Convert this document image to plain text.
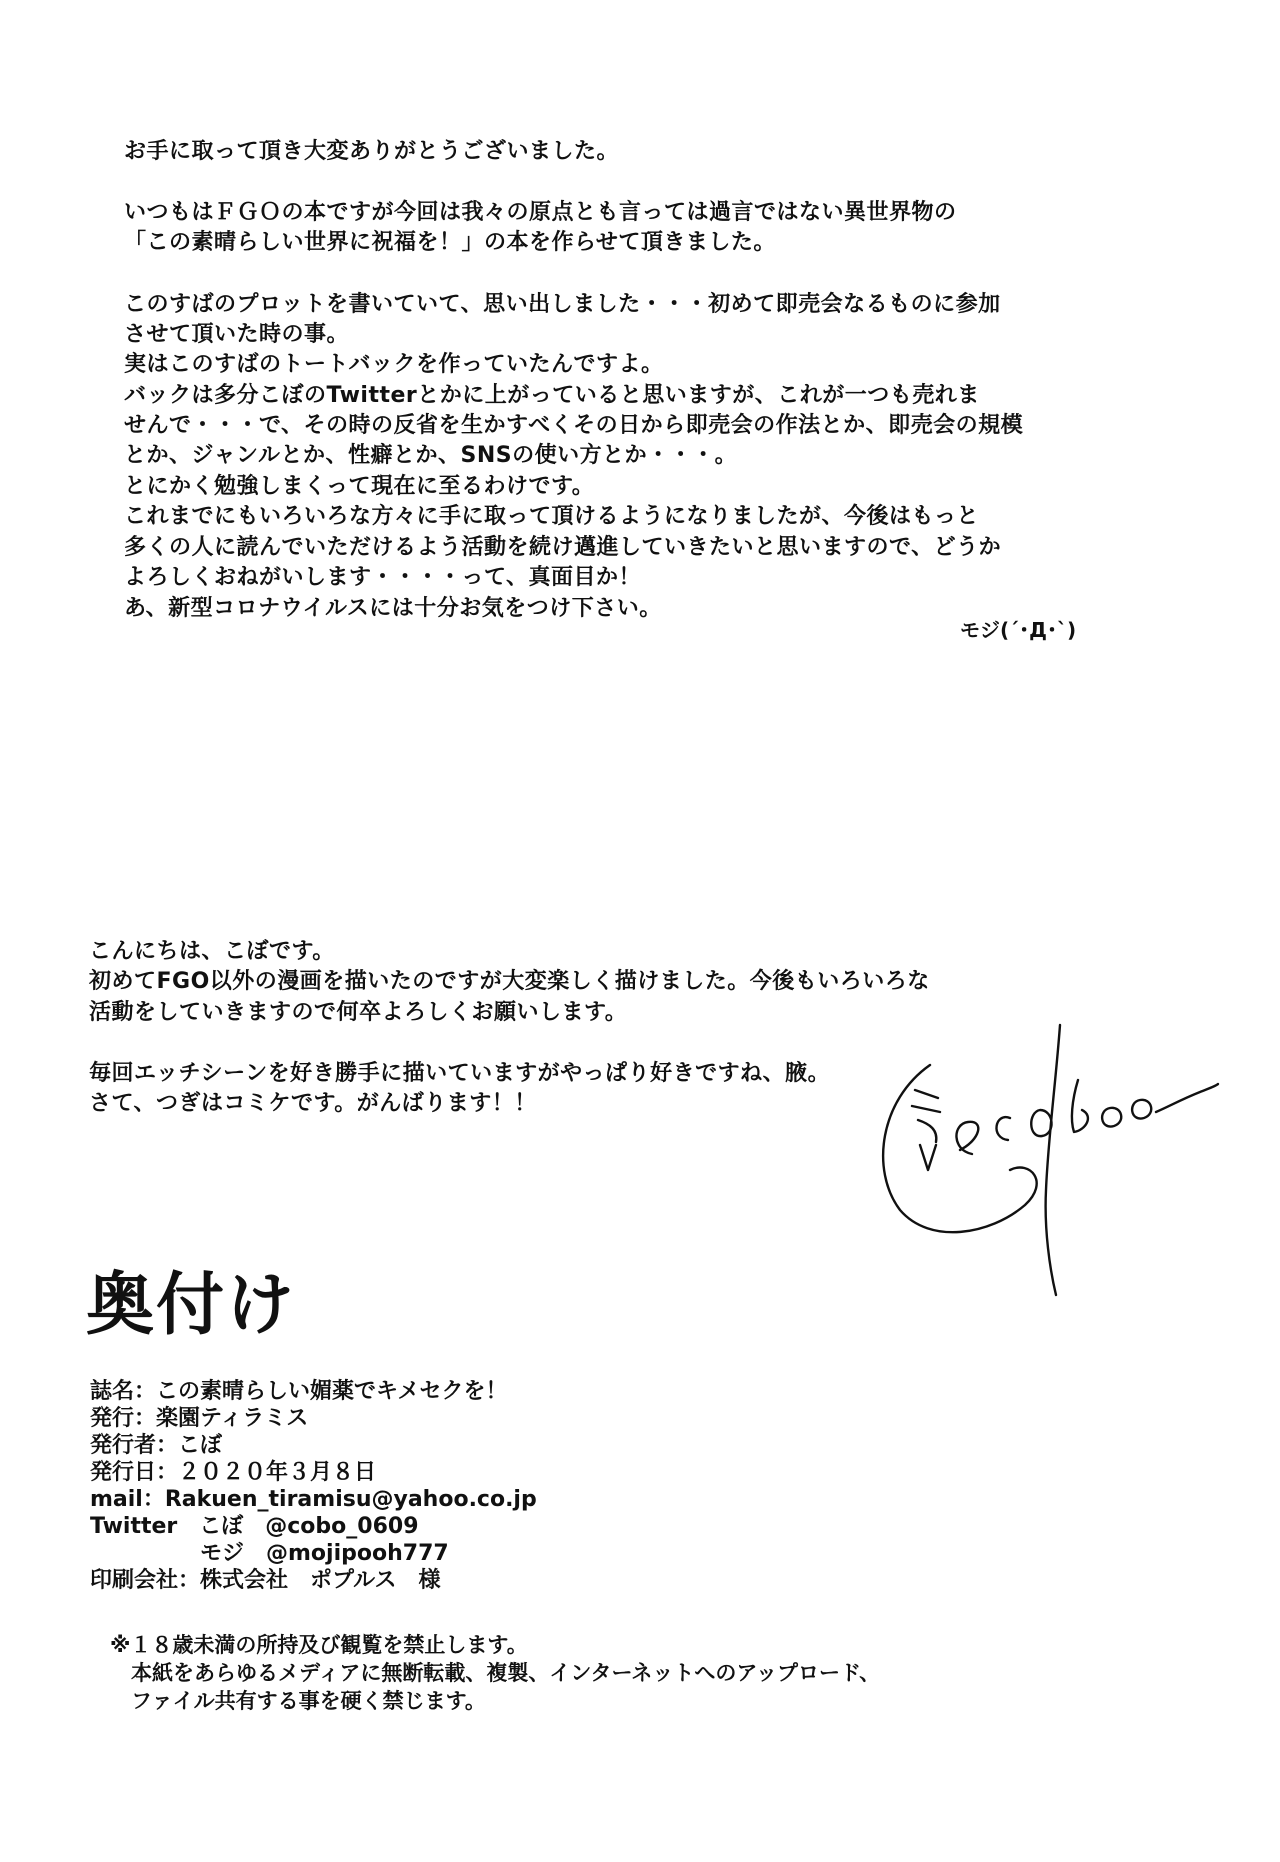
お手に取って頂き大変ありがとうございました。
いつもはＦＧＯの本ですが今回は我々の原点とも言っては過言ではない異世界物の
「この素晴らしい世界に祝福を！」の本を作らせて頂きました。
このすばのプロットを書いていて、思い出しました・・・初めて即売会なるものに参加
させて頂いた時の事。
実はこのすばのトートバックを作っていたんですよ。
バックは多分こぼのTwitterとかに上がっていると思いますが、これが一つも売れま
せんで・・・で、その時の反省を生かすべくその日から即売会の作法とか、即売会の規模
とか、ジャンルとか、性癖とか、SNSの使い方とか・・・。
とにかく勉強しまくって現在に至るわけです。
これまでにもいろいろな方々に手に取って頂けるようになりましたが、今後はもっと
多くの人に読んでいただけるよう活動を続け邁進していきたいと思いますので、どうか
よろしくおねがいします・・・・って、真面目か！
あ、新型コロナウイルスには十分お気をつけ下さい。
モジ(´･Д･`)
こんにちは、こぼです。
初めてFGO以外の漫画を描いたのですが大変楽しく描けました。今後もいろいろな
活動をしていきますので何卒よろしくお願いします。
毎回エッチシーンを好き勝手に描いていますがやっぱり好きですね、腋。
さて、つぎはコミケです。がんばります！！
奥付け
誌名：この素晴らしい媚薬でキメセクを！
発行：楽園ティラミス
発行者：こぼ
発行日：２０２０年３月８日
mail：Rakuen_tiramisu@yahoo.co.jp
Twitter　こぼ　@cobo_0609
　　　　　モジ　@mojipooh777
印刷会社：株式会社　ポプルス　様
※１８歳未満の所持及び観覧を禁止します。
　本紙をあらゆるメディアに無断転載、複製、インターネットへのアップロード、
　ファイル共有する事を硬く禁じます。
